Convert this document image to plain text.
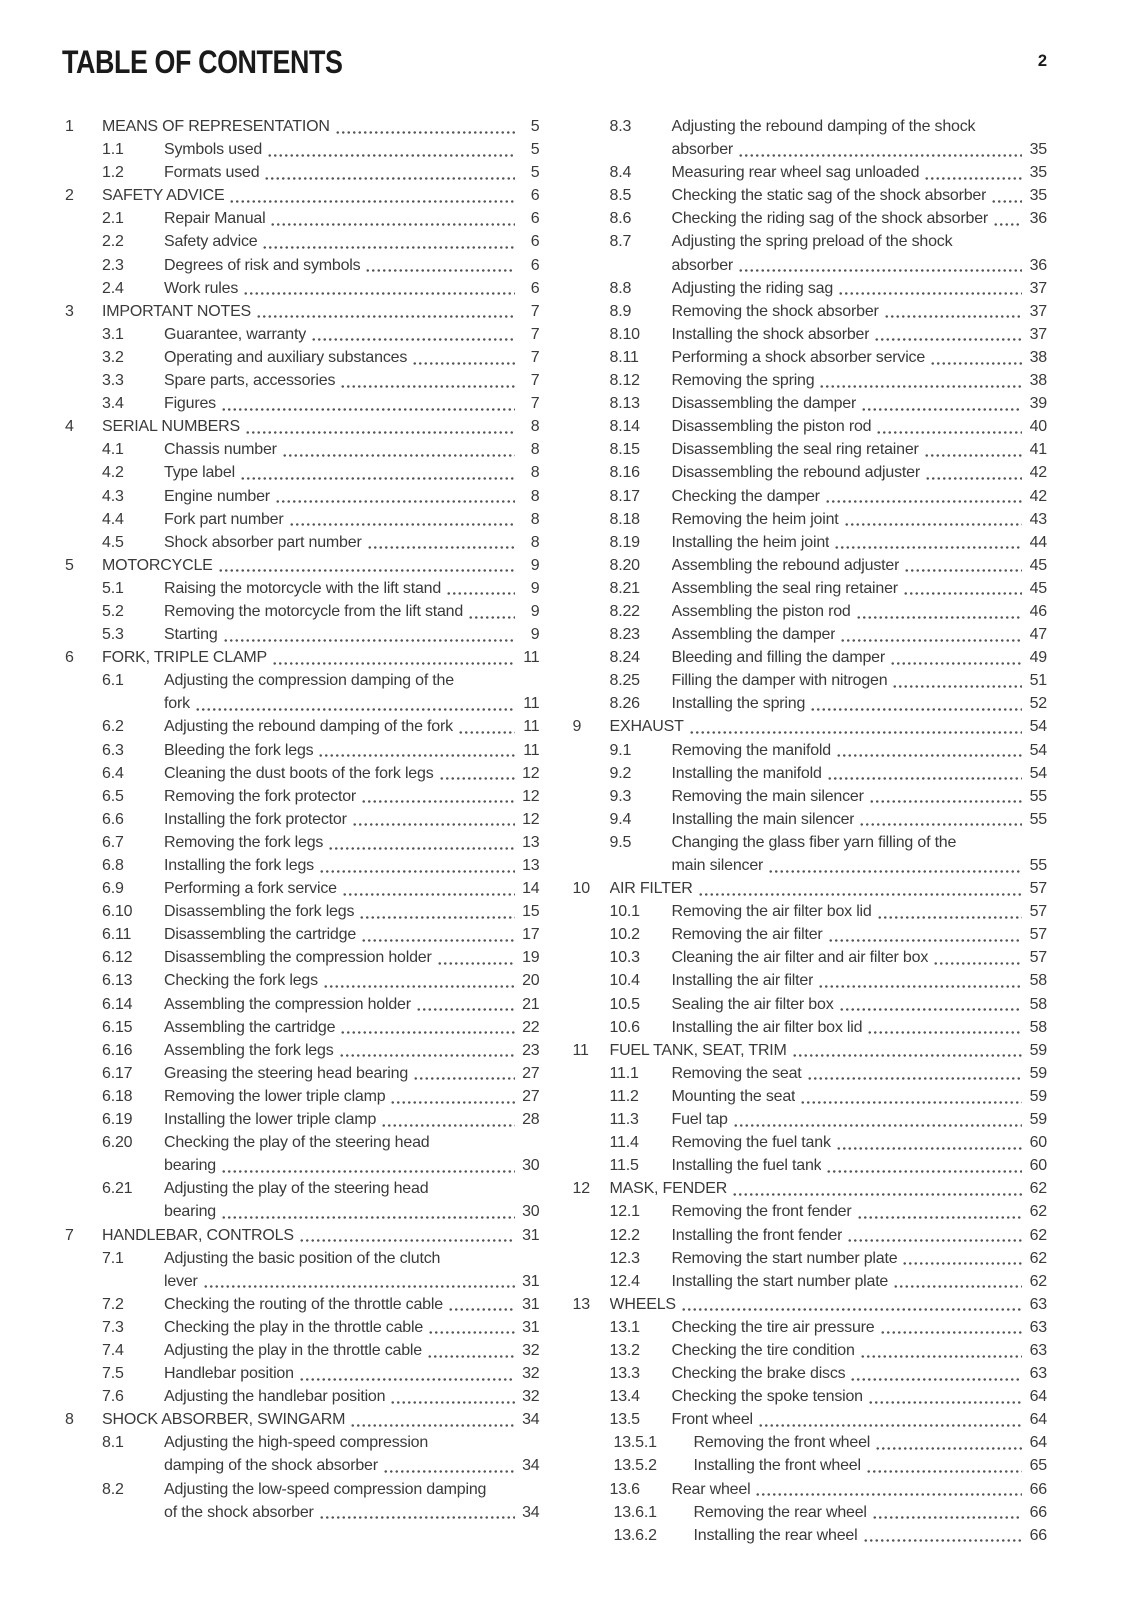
TABLE OF CONTENTS	2
1	MEANS OF REPRESENTATION	5
1.1	Symbols used	5
1.2	Formats used	5
2	SAFETY ADVICE	6
2.1	Repair Manual	6
2.2	Safety advice	6
2.3	Degrees of risk and symbols	6
2.4	Work rules	6
3	IMPORTANT NOTES	7
3.1	Guarantee, warranty	7
3.2	Operating and auxiliary substances	7
3.3	Spare parts, accessories	7
3.4	Figures	7
4	SERIAL NUMBERS	8
4.1	Chassis number	8
4.2	Type label	8
4.3	Engine number	8
4.4	Fork part number	8
4.5	Shock absorber part number	8
5	MOTORCYCLE	9
5.1	Raising the motorcycle with the lift stand	9
5.2	Removing the motorcycle from the lift stand	9
5.3	Starting	9
6	FORK, TRIPLE CLAMP	11
6.1	Adjusting the compression damping of the
fork	11
6.2	Adjusting the rebound damping of the fork	11
6.3	Bleeding the fork legs	11
6.4	Cleaning the dust boots of the fork legs	12
6.5	Removing the fork protector	12
6.6	Installing the fork protector	12
6.7	Removing the fork legs	13
6.8	Installing the fork legs	13
6.9	Performing a fork service	14
6.10	Disassembling the fork legs	15
6.11	Disassembling the cartridge	17
6.12	Disassembling the compression holder	19
6.13	Checking the fork legs	20
6.14	Assembling the compression holder	21
6.15	Assembling the cartridge	22
6.16	Assembling the fork legs	23
6.17	Greasing the steering head bearing	27
6.18	Removing the lower triple clamp	27
6.19	Installing the lower triple clamp	28
6.20	Checking the play of the steering head
bearing	30
6.21	Adjusting the play of the steering head
bearing	30
7	HANDLEBAR, CONTROLS	31
7.1	Adjusting the basic position of the clutch
lever	31
7.2	Checking the routing of the throttle cable	31
7.3	Checking the play in the throttle cable	31
7.4	Adjusting the play in the throttle cable	32
7.5	Handlebar position	32
7.6	Adjusting the handlebar position	32
8	SHOCK ABSORBER, SWINGARM	34
8.1	Adjusting the high-speed compression
damping of the shock absorber	34
8.2	Adjusting the low-speed compression damping
of the shock absorber	34
8.3	Adjusting the rebound damping of the shock
absorber	35
8.4	Measuring rear wheel sag unloaded	35
8.5	Checking the static sag of the shock absorber	35
8.6	Checking the riding sag of the shock absorber	36
8.7	Adjusting the spring preload of the shock
absorber	36
8.8	Adjusting the riding sag	37
8.9	Removing the shock absorber	37
8.10	Installing the shock absorber	37
8.11	Performing a shock absorber service	38
8.12	Removing the spring	38
8.13	Disassembling the damper	39
8.14	Disassembling the piston rod	40
8.15	Disassembling the seal ring retainer	41
8.16	Disassembling the rebound adjuster	42
8.17	Checking the damper	42
8.18	Removing the heim joint	43
8.19	Installing the heim joint	44
8.20	Assembling the rebound adjuster	45
8.21	Assembling the seal ring retainer	45
8.22	Assembling the piston rod	46
8.23	Assembling the damper	47
8.24	Bleeding and filling the damper	49
8.25	Filling the damper with nitrogen	51
8.26	Installing the spring	52
9	EXHAUST	54
9.1	Removing the manifold	54
9.2	Installing the manifold	54
9.3	Removing the main silencer	55
9.4	Installing the main silencer	55
9.5	Changing the glass fiber yarn filling of the
main silencer	55
10	AIR FILTER	57
10.1	Removing the air filter box lid	57
10.2	Removing the air filter	57
10.3	Cleaning the air filter and air filter box	57
10.4	Installing the air filter	58
10.5	Sealing the air filter box	58
10.6	Installing the air filter box lid	58
11	FUEL TANK, SEAT, TRIM	59
11.1	Removing the seat	59
11.2	Mounting the seat	59
11.3	Fuel tap	59
11.4	Removing the fuel tank	60
11.5	Installing the fuel tank	60
12	MASK, FENDER	62
12.1	Removing the front fender	62
12.2	Installing the front fender	62
12.3	Removing the start number plate	62
12.4	Installing the start number plate	62
13	WHEELS	63
13.1	Checking the tire air pressure	63
13.2	Checking the tire condition	63
13.3	Checking the brake discs	63
13.4	Checking the spoke tension	64
13.5	Front wheel	64
13.5.1	Removing the front wheel	64
13.5.2	Installing the front wheel	65
13.6	Rear wheel	66
13.6.1	Removing the rear wheel	66
13.6.2	Installing the rear wheel	66
